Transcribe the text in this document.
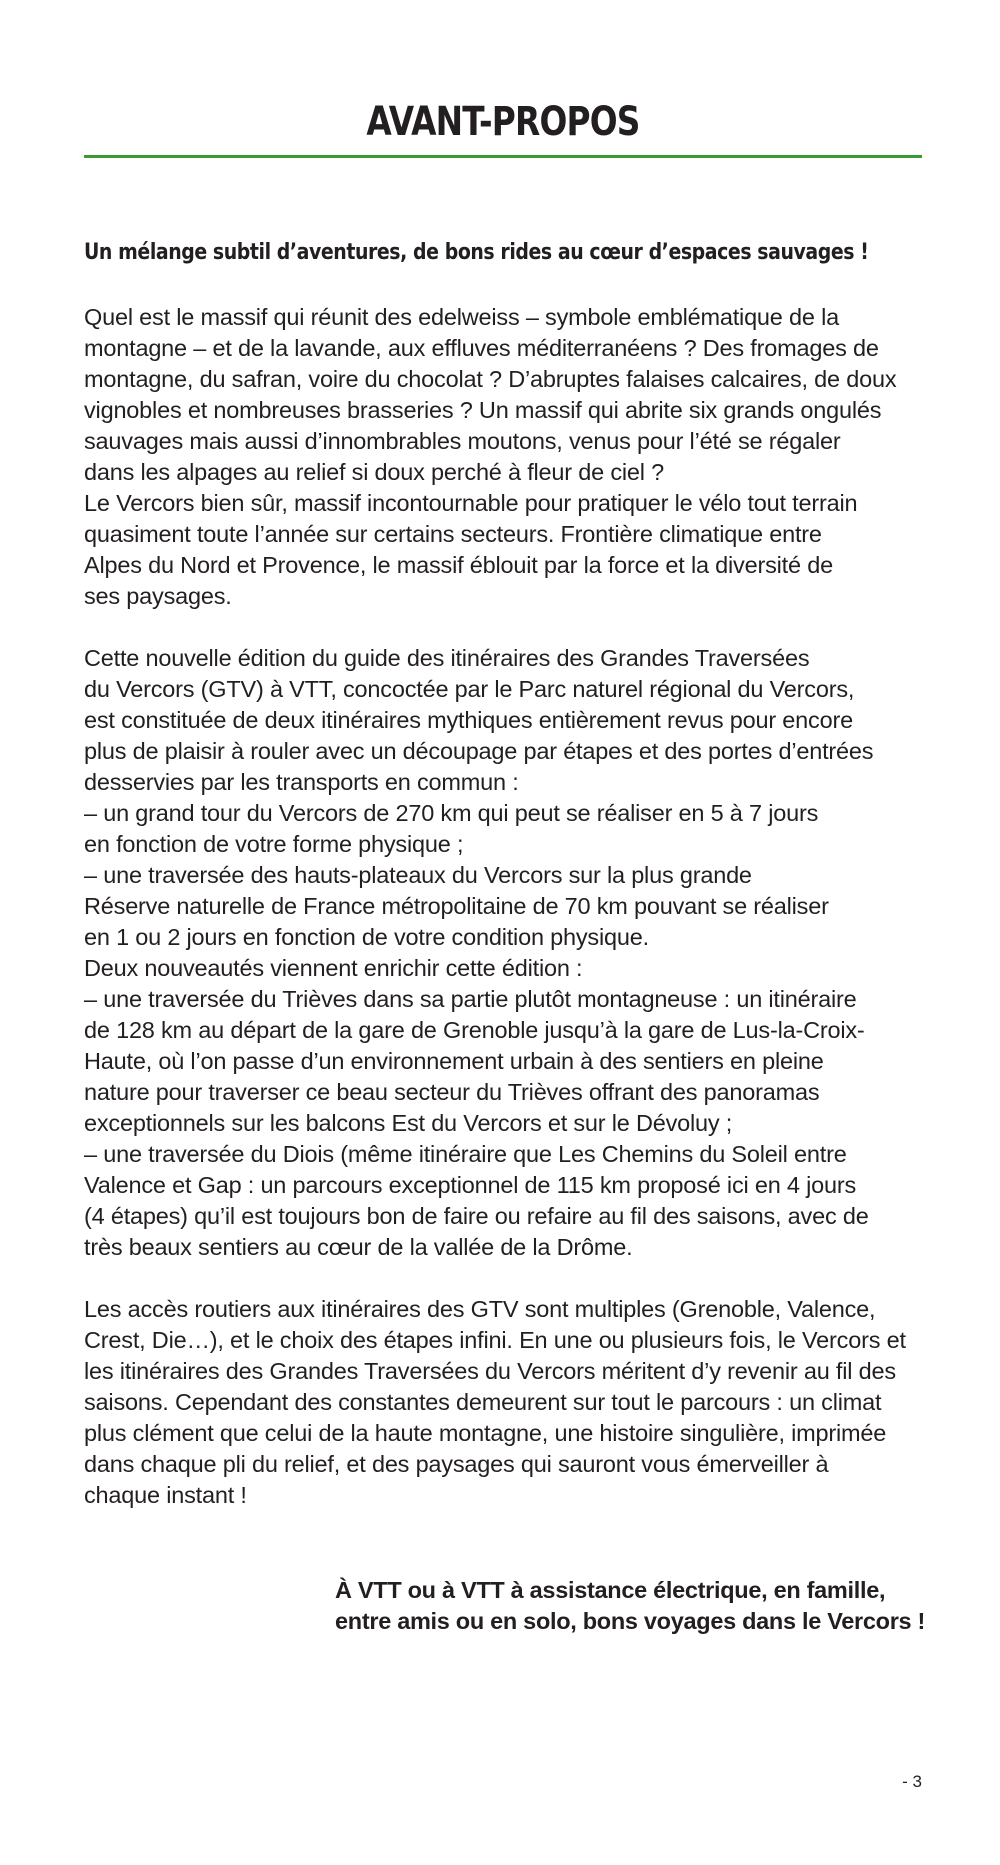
AVANT-PROPOS
Un mélange subtil d’aventures, de bons rides au cœur d’espaces sauvages !

Quel est le massif qui réunit des edelweiss – symbole emblématique de la
montagne – et de la lavande, aux effluves méditerranéens ? Des fromages de
montagne, du safran, voire du chocolat ? D’abruptes falaises calcaires, de doux
vignobles et nombreuses brasseries ? Un massif qui abrite six grands ongulés
sauvages mais aussi d’innombrables moutons, venus pour l’été se régaler
dans les alpages au relief si doux perché à fleur de ciel ?
Le Vercors bien sûr, massif incontournable pour pratiquer le vélo tout terrain
quasiment toute l’année sur certains secteurs. Frontière climatique entre
Alpes du Nord et Provence, le massif éblouit par la force et la diversité de
ses paysages.

Cette nouvelle édition du guide des itinéraires des Grandes Traversées
du Vercors (GTV) à VTT, concoctée par le Parc naturel régional du Vercors,
est constituée de deux itinéraires mythiques entièrement revus pour encore
plus de plaisir à rouler avec un découpage par étapes et des portes d’entrées
desservies par les transports en commun :
– un grand tour du Vercors de 270 km qui peut se réaliser en 5 à 7 jours
en fonction de votre forme physique ;
– une traversée des hauts-plateaux du Vercors sur la plus grande
Réserve naturelle de France métropolitaine de 70 km pouvant se réaliser
en 1 ou 2 jours en fonction de votre condition physique.
Deux nouveautés viennent enrichir cette édition :
– une traversée du Trièves dans sa partie plutôt montagneuse : un itinéraire
de 128 km au départ de la gare de Grenoble jusqu’à la gare de Lus-la-Croix-
Haute, où l’on passe d’un environnement urbain à des sentiers en pleine
nature pour traverser ce beau secteur du Trièves offrant des panoramas
exceptionnels sur les balcons Est du Vercors et sur le Dévoluy ;
– une traversée du Diois (même itinéraire que Les Chemins du Soleil entre
Valence et Gap : un parcours exceptionnel de 115 km proposé ici en 4 jours
(4 étapes) qu’il est toujours bon de faire ou refaire au fil des saisons, avec de
très beaux sentiers au cœur de la vallée de la Drôme.

Les accès routiers aux itinéraires des GTV sont multiples (Grenoble, Valence,
Crest, Die…), et le choix des étapes infini. En une ou plusieurs fois, le Vercors et
les itinéraires des Grandes Traversées du Vercors méritent d’y revenir au fil des
saisons. Cependant des constantes demeurent sur tout le parcours : un climat
plus clément que celui de la haute montagne, une histoire singulière, imprimée
dans chaque pli du relief, et des paysages qui sauront vous émerveiller à
chaque instant !

À VTT ou à VTT à assistance électrique, en famille,
entre amis ou en solo, bons voyages dans le Vercors !
- 3
